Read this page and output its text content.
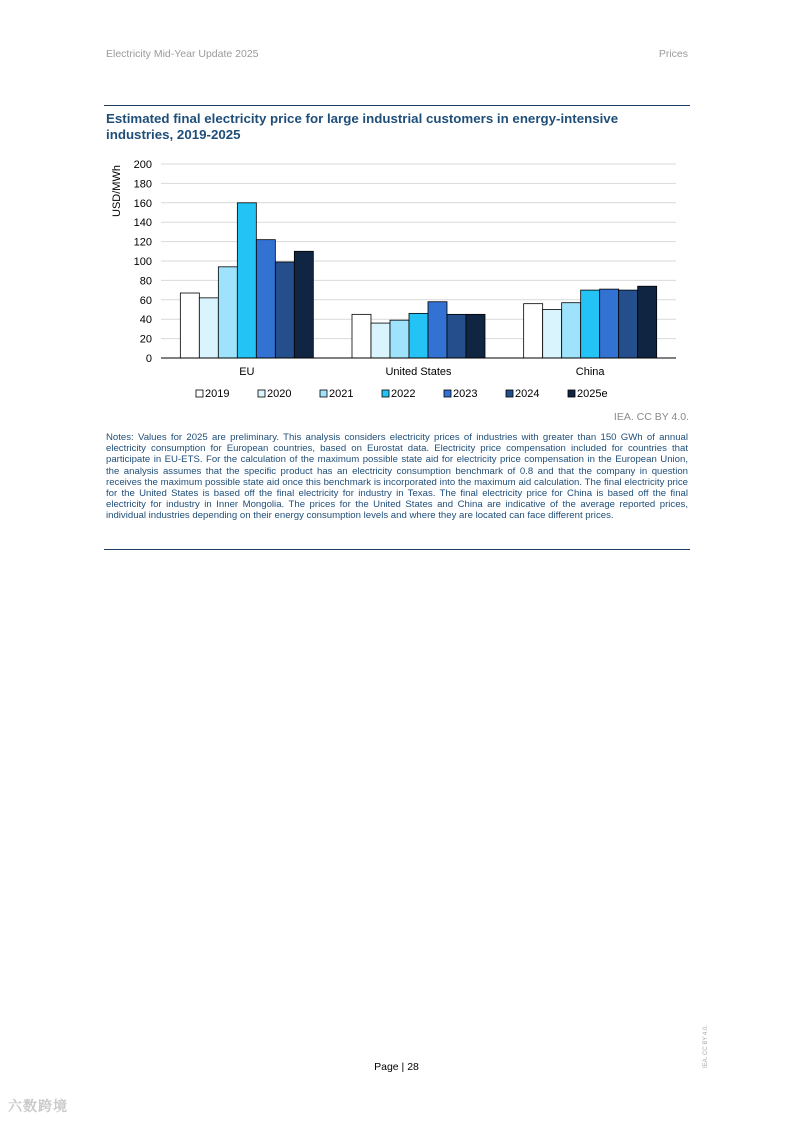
Electricity Mid-Year Update 2025	Prices
Estimated final electricity price for large industrial customers in energy-intensive industries, 2019-2025
0
20
40
60
80
100
120
140
160
180
200
USD/MWh
EU	United States	China
2019	2020	2021	2022	2023	2024	2025e
IEA. CC BY 4.0.

Notes: Values for 2025 are preliminary. This analysis considers electricity prices of industries with greater than 150 GWh of annual electricity consumption for European countries, based on Eurostat data. Electricity price compensation included for countries that participate in EU-ETS. For the calculation of the maximum possible state aid for electricity price compensation in the European Union, the analysis assumes that the specific product has an electricity consumption benchmark of 0.8 and that the company in question receives the maximum possible state aid once this benchmark is incorporated into the maximum aid calculation. The final electricity price for the United States is based off the final electricity for industry in Texas. The final electricity price for China is based off the final electricity for industry in Inner Mongolia. The prices for the United States and China are indicative of the average reported prices, individual industries depending on their energy consumption levels and where they are located can face different prices.

Page | 28	IEA. CC BY 4.0.
六数跨境
